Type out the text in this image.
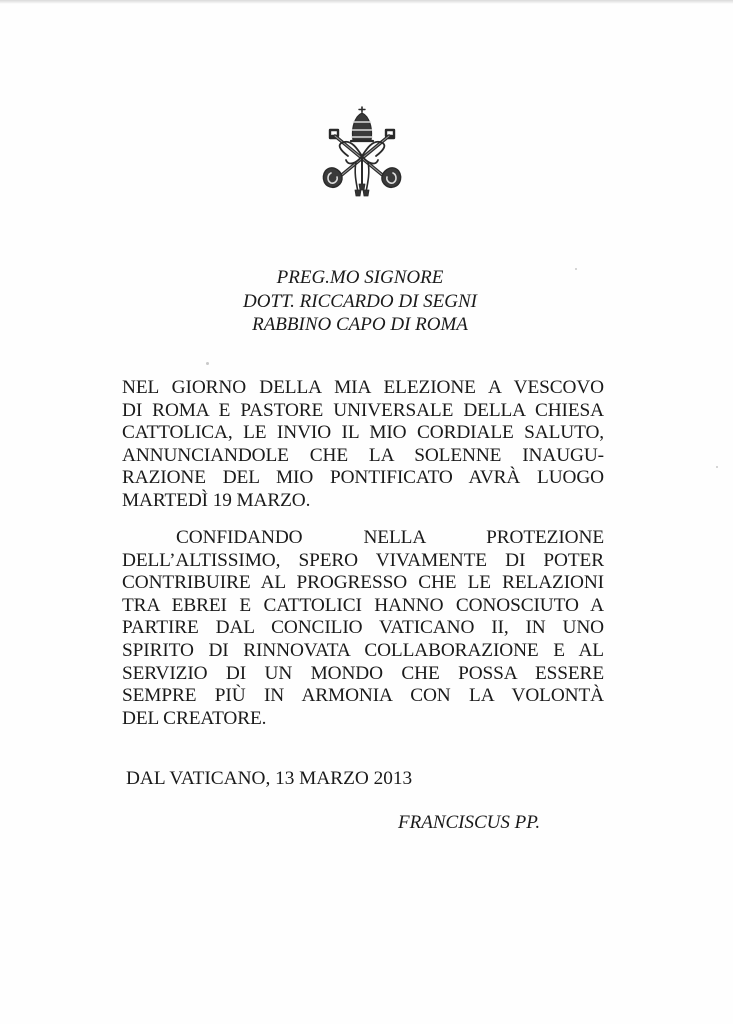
PREG.MO SIGNORE
DOTT. RICCARDO DI SEGNI
RABBINO CAPO DI ROMA
NEL GIORNO DELLA MIA ELEZIONE A VESCOVO
DI ROMA E PASTORE UNIVERSALE DELLA CHIESA
CATTOLICA, LE INVIO IL MIO CORDIALE SALUTO,
ANNUNCIANDOLE CHE LA SOLENNE INAUGU-
RAZIONE DEL MIO PONTIFICATO AVRÀ LUOGO
MARTEDÌ 19 MARZO.
CONFIDANDO NELLA PROTEZIONE
DELL’ALTISSIMO, SPERO VIVAMENTE DI POTER
CONTRIBUIRE AL PROGRESSO CHE LE RELAZIONI
TRA EBREI E CATTOLICI HANNO CONOSCIUTO A
PARTIRE DAL CONCILIO VATICANO II, IN UNO
SPIRITO DI RINNOVATA COLLABORAZIONE E AL
SERVIZIO DI UN MONDO CHE POSSA ESSERE
SEMPRE PIÙ IN ARMONIA CON LA VOLONTÀ
DEL CREATORE.
DAL VATICANO, 13 MARZO 2013
FRANCISCUS PP.
